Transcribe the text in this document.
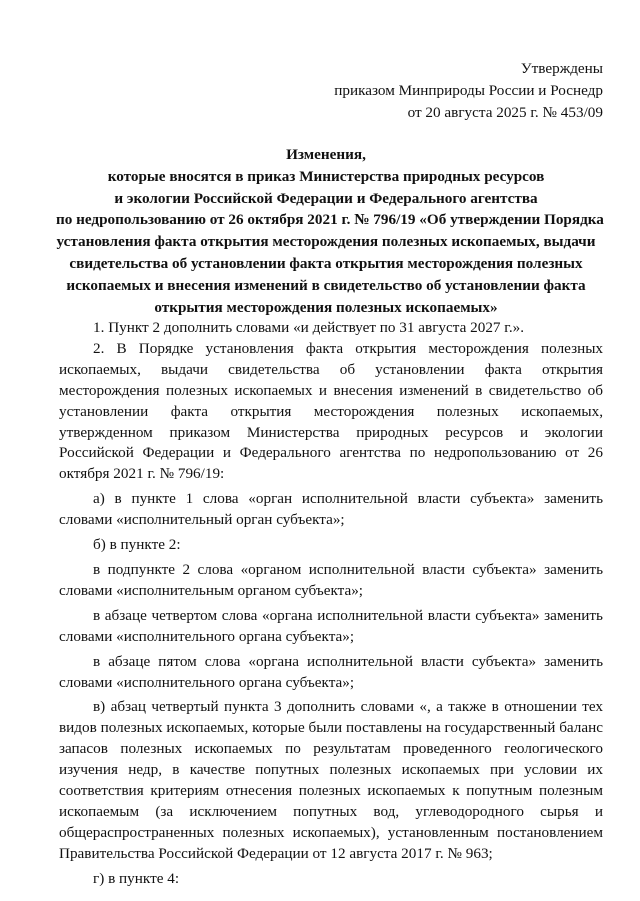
Утверждены
приказом Минприроды России и Роснедр
от 20 августа 2025 г. № 453/09
Изменения,
которые вносятся в приказ Министерства природных ресурсов
и экологии Российской Федерации и Федерального агентства
по недропользованию от 26 октября 2021 г. № 796/19 «Об утверждении Порядка
установления факта открытия месторождения полезных ископаемых, выдачи
свидетельства об установлении факта открытия месторождения полезных
ископаемых и внесения изменений в свидетельство об установлении факта
открытия месторождения полезных ископаемых»

1. Пункт 2 дополнить словами «и действует по 31 августа 2027 г.».

2. В Порядке установления факта открытия месторождения полезных ископаемых, выдачи свидетельства об установлении факта открытия месторождения полезных ископаемых и внесения изменений в свидетельство об установлении факта открытия месторождения полезных ископаемых, утвержденном приказом Министерства природных ресурсов и экологии Российской Федерации и Федерального агентства по недропользованию от 26 октября 2021 г. № 796/19:

а) в пункте 1 слова «орган исполнительной власти субъекта» заменить словами «исполнительный орган субъекта»;

б) в пункте 2:

в подпункте 2 слова «органом исполнительной власти субъекта» заменить словами «исполнительным органом субъекта»;

в абзаце четвертом слова «органа исполнительной власти субъекта» заменить словами «исполнительного органа субъекта»;

в абзаце пятом слова «органа исполнительной власти субъекта» заменить словами «исполнительного органа субъекта»;

в) абзац четвертый пункта 3 дополнить словами «, а также в отношении тех видов полезных ископаемых, которые были поставлены на государственный баланс запасов полезных ископаемых по результатам проведенного геологического изучения недр, в качестве попутных полезных ископаемых при условии их соответствия критериям отнесения полезных ископаемых к попутным полезным ископаемым (за исключением попутных вод, углеводородного сырья и общераспространенных полезных ископаемых), установленным постановлением Правительства Российской Федерации от 12 августа 2017 г. № 963;

г) в пункте 4:
